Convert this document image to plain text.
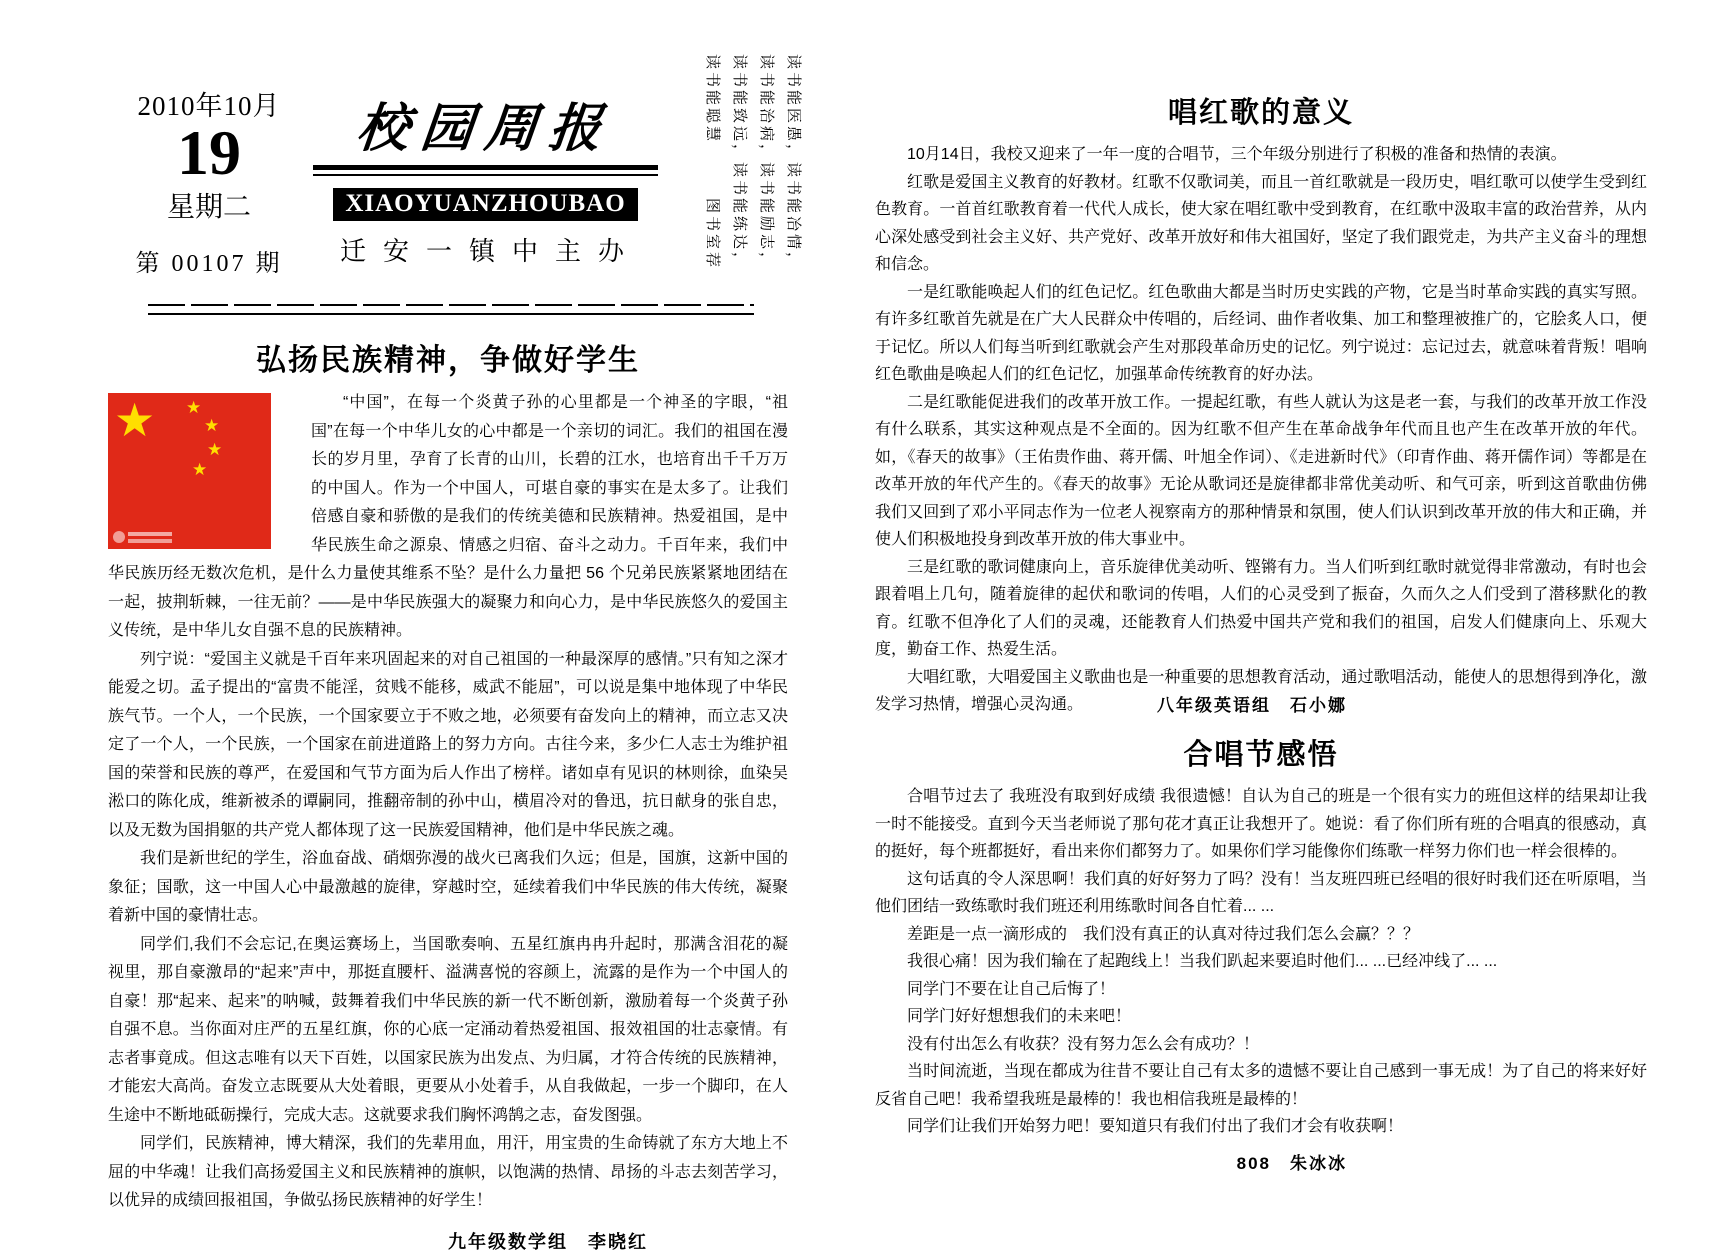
2010年10月
19
星期二
第 00107 期
校园周报
XIAOYUANZHOUBAO
迁安一镇中主办	读书能医愚，读书能冶情，
读书能治病，读书能励志，
读书能致远，读书能练达，
读书能聪慧　　　图书室荐
弘扬民族精神，争做好学生
★ ★
★
★
★

“中国”，在每一个炎黄子孙的心里都是一个神圣的字眼，“祖国”在每一个中华儿女的心中都是一个亲切的词汇。我们的祖国在漫长的岁月里，孕育了长青的山川，长碧的江水，也培育出千千万万的中国人。作为一个中国人，可堪自豪的事实在是太多了。让我们倍感自豪和骄傲的是我们的传统美德和民族精神。热爱祖国，是中华民族生命之源泉、情感之归宿、奋斗之动力。千百年来，我们中华民族历经无数次危机，是什么力量使其维系不坠？是什么力量把 56 个兄弟民族紧紧地团结在一起，披荆斩棘，一往无前？——是中华民族强大的凝聚力和向心力，是中华民族悠久的爱国主义传统，是中华儿女自强不息的民族精神。

列宁说：“爱国主义就是千百年来巩固起来的对自己祖国的一种最深厚的感情。”只有知之深才能爱之切。孟子提出的“富贵不能淫，贫贱不能移，威武不能屈”，可以说是集中地体现了中华民族气节。一个人，一个民族，一个国家要立于不败之地，必须要有奋发向上的精神，而立志又决定了一个人，一个民族，一个国家在前进道路上的努力方向。古往今来，多少仁人志士为维护祖国的荣誉和民族的尊严，在爱国和气节方面为后人作出了榜样。诸如卓有见识的林则徐，血染吴淞口的陈化成，维新被杀的谭嗣同，推翻帝制的孙中山，横眉冷对的鲁迅，抗日献身的张自忠，以及无数为国捐躯的共产党人都体现了这一民族爱国精神，他们是中华民族之魂。

我们是新世纪的学生，浴血奋战、硝烟弥漫的战火已离我们久远；但是，国旗，这新中国的象征；国歌，这一中国人心中最激越的旋律，穿越时空，延续着我们中华民族的伟大传统，凝聚着新中国的豪情壮志。

同学们,我们不会忘记,在奥运赛场上，当国歌奏响、五星红旗冉冉升起时，那满含泪花的凝视里，那自豪激昂的“起来”声中，那挺直腰杆、溢满喜悦的容颜上，流露的是作为一个中国人的自豪！那“起来、起来”的呐喊，鼓舞着我们中华民族的新一代不断创新，激励着每一个炎黄子孙自强不息。当你面对庄严的五星红旗，你的心底一定涌动着热爱祖国、报效祖国的壮志豪情。有志者事竟成。但这志唯有以天下百姓，以国家民族为出发点、为归属，才符合传统的民族精神，才能宏大高尚。奋发立志既要从大处着眼，更要从小处着手，从自我做起，一步一个脚印，在人生途中不断地砥砺操行，完成大志。这就要求我们胸怀鸿鹄之志，奋发图强。

同学们，民族精神，博大精深，我们的先辈用血，用汗，用宝贵的生命铸就了东方大地上不屈的中华魂！让我们高扬爱国主义和民族精神的旗帜，以饱满的热情、昂扬的斗志去刻苦学习，以优异的成绩回报祖国，争做弘扬民族精神的好学生！

九年级数学组　李晓红
唱红歌的意义

10月14日，我校又迎来了一年一度的合唱节，三个年级分别进行了积极的准备和热情的表演。

红歌是爱国主义教育的好教材。红歌不仅歌词美，而且一首红歌就是一段历史，唱红歌可以使学生受到红色教育。一首首红歌教育着一代代人成长，使大家在唱红歌中受到教育，在红歌中汲取丰富的政治营养，从内心深处感受到社会主义好、共产党好、改革开放好和伟大祖国好，坚定了我们跟党走，为共产主义奋斗的理想和信念。

一是红歌能唤起人们的红色记忆。红色歌曲大都是当时历史实践的产物，它是当时革命实践的真实写照。有许多红歌首先就是在广大人民群众中传唱的，后经词、曲作者收集、加工和整理被推广的，它脍炙人口，便于记忆。所以人们每当听到红歌就会产生对那段革命历史的记忆。列宁说过：忘记过去，就意味着背叛！唱响红色歌曲是唤起人们的红色记忆，加强革命传统教育的好办法。

二是红歌能促进我们的改革开放工作。一提起红歌，有些人就认为这是老一套，与我们的改革开放工作没有什么联系，其实这种观点是不全面的。因为红歌不但产生在革命战争年代而且也产生在改革开放的年代。如，《春天的故事》（王佑贵作曲、蒋开儒、叶旭全作词）、《走进新时代》（印青作曲、蒋开儒作词）等都是在改革开放的年代产生的。《春天的故事》无论从歌词还是旋律都非常优美动听、和气可亲，听到这首歌曲仿佛我们又回到了邓小平同志作为一位老人视察南方的那种情景和氛围，使人们认识到改革开放的伟大和正确，并使人们积极地投身到改革开放的伟大事业中。

三是红歌的歌词健康向上，音乐旋律优美动听、铿锵有力。当人们听到红歌时就觉得非常激动，有时也会跟着唱上几句，随着旋律的起伏和歌词的传唱，人们的心灵受到了振奋，久而久之人们受到了潜移默化的教育。红歌不但净化了人们的灵魂，还能教育人们热爱中国共产党和我们的祖国，启发人们健康向上、乐观大度，勤奋工作、热爱生活。

大唱红歌，大唱爱国主义歌曲也是一种重要的思想教育活动，通过歌唱活动，能使人的思想得到净化，激发学习热情，增强心灵沟通。	八年级英语组　石小娜
合唱节感悟

合唱节过去了 我班没有取到好成绩 我很遗憾！自认为自己的班是一个很有实力的班但这样的结果却让我一时不能接受。直到今天当老师说了那句花才真正让我想开了。她说：看了你们所有班的合唱真的很感动，真的挺好，每个班都挺好，看出来你们都努力了。如果你们学习能像你们练歌一样努力你们也一样会很棒的。

这句话真的令人深思啊！我们真的好好努力了吗？没有！当友班四班已经唱的很好时我们还在听原唱，当他们团结一致练歌时我们班还利用练歌时间各自忙着... ...

差距是一点一滴形成的　我们没有真正的认真对待过我们怎么会赢？？？

我很心痛！因为我们输在了起跑线上！当我们趴起来要追时他们... ...已经冲线了... ...

同学门不要在让自己后悔了！

同学门好好想想我们的未来吧！

没有付出怎么有收获？没有努力怎么会有成功？！

当时间流逝，当现在都成为往昔不要让自己有太多的遗憾不要让自己感到一事无成！为了自己的将来好好反省自己吧！我希望我班是最棒的！我也相信我班是最棒的！

同学们让我们开始努力吧！要知道只有我们付出了我们才会有收获啊！

808　朱冰冰
